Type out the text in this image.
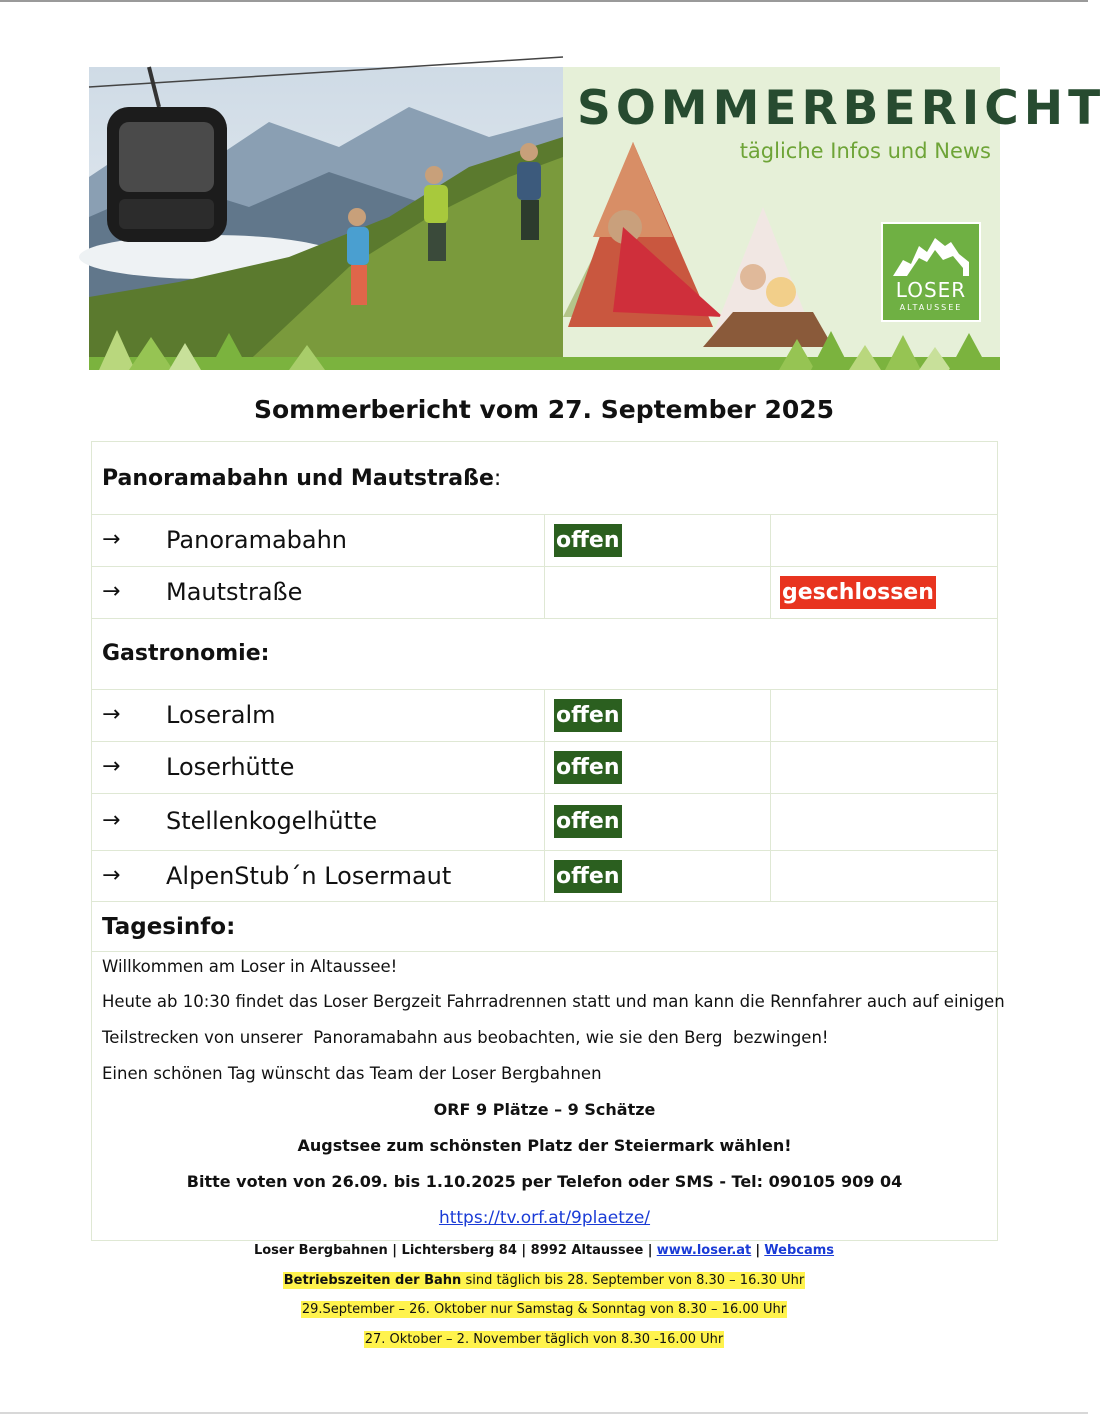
SOMMERBERICHT
tägliche Infos und News
LOSER
ALTAUSSEE
Sommerbericht vom 27. September 2025
Panoramabahn und Mautstraße:
→ Panoramabahn	offen
→ Mautstraße	geschlossen
Gastronomie:
→ Loseralm	offen
→ Loserhütte	offen
→ Stellenkogelhütte	offen
→ AlpenStub´n Losermaut	offen
Tagesinfo:
Willkommen am Loser in Altaussee!
Heute ab 10:30 findet das Loser Bergzeit Fahrradrennen statt und man kann die Rennfahrer auch auf einigen
Teilstrecken von unserer  Panoramabahn aus beobachten, wie sie den Berg  bezwingen!
Einen schönen Tag wünscht das Team der Loser Bergbahnen
ORF 9 Plätze – 9 Schätze
Augstsee zum schönsten Platz der Steiermark wählen!
Bitte voten von 26.09. bis 1.10.2025 per Telefon oder SMS - Tel: 090105 909 04
https://tv.orf.at/9plaetze/
Loser Bergbahnen | Lichtersberg 84 | 8992 Altaussee | www.loser.at | Webcams
Betriebszeiten der Bahn sind täglich bis 28. September von 8.30 – 16.30 Uhr
29.September – 26. Oktober nur Samstag & Sonntag von 8.30 – 16.00 Uhr
27. Oktober – 2. November täglich von 8.30 -16.00 Uhr
